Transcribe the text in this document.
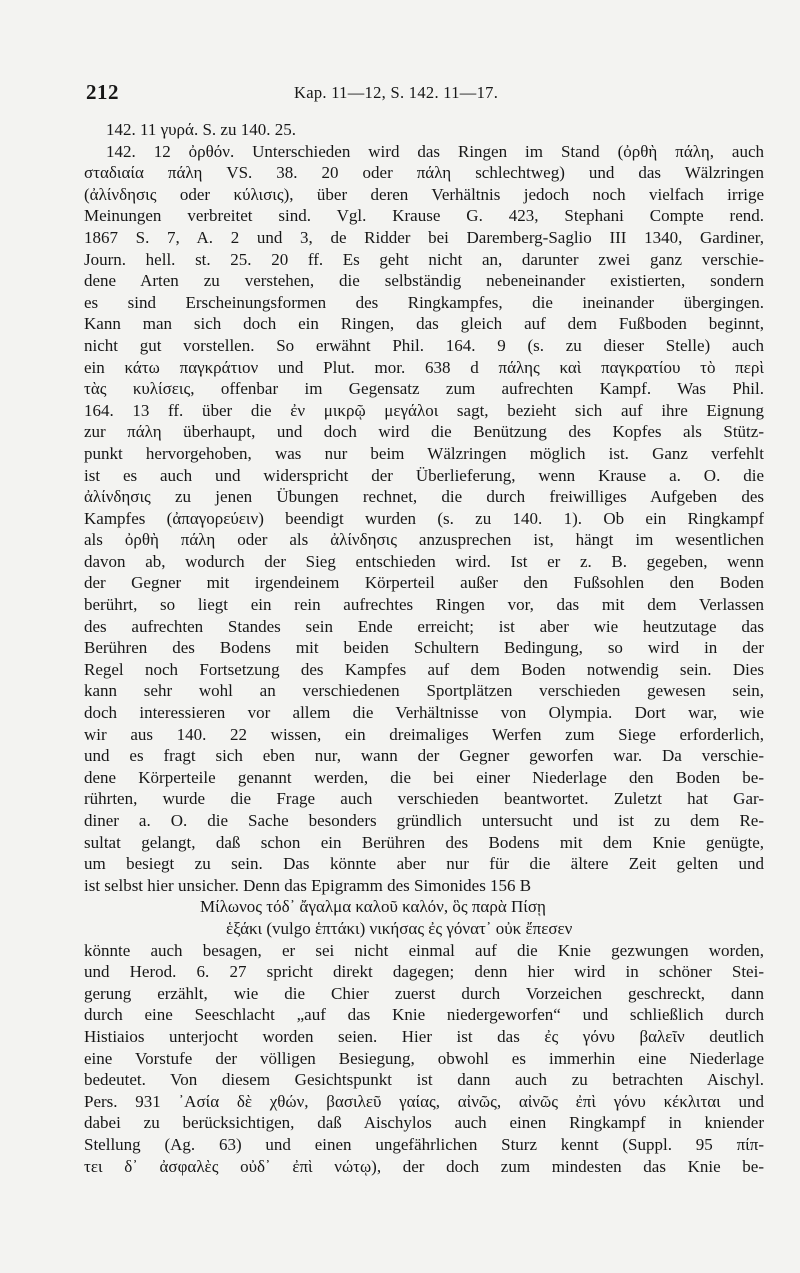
212	Kap. 11—12, S. 142. 11—17.
142. 11 γυρά. S. zu 140. 25.
142. 12 ὀρθόν. Unterschieden wird das Ringen im Stand (ὀρθὴ πάλη, auch
σταδιαία πάλη VS. 38. 20 oder πάλη schlechtweg) und das Wälzringen
(ἀλίνδησις oder κύλισις), über deren Verhältnis jedoch noch vielfach irrige
Meinungen verbreitet sind. Vgl. Krause G. 423, Stephani Compte rend.
1867 S. 7, A. 2 und 3, de Ridder bei Daremberg-Saglio III 1340, Gardiner,
Journ. hell. st. 25. 20 ff. Es geht nicht an, darunter zwei ganz verschie-
dene Arten zu verstehen, die selbständig nebeneinander existierten, sondern
es sind Erscheinungsformen des Ringkampfes, die ineinander übergingen.
Kann man sich doch ein Ringen, das gleich auf dem Fußboden beginnt,
nicht gut vorstellen. So erwähnt Phil. 164. 9 (s. zu dieser Stelle) auch
ein κάτω παγκράτιον und Plut. mor. 638 d πάλης καὶ παγκρατίου τὸ περὶ
τὰς κυλίσεις, offenbar im Gegensatz zum aufrechten Kampf. Was Phil.
164. 13 ff. über die ἐν μικρῷ μεγάλοι sagt, bezieht sich auf ihre Eignung
zur πάλη überhaupt, und doch wird die Benützung des Kopfes als Stütz-
punkt hervorgehoben, was nur beim Wälzringen möglich ist. Ganz verfehlt
ist es auch und widerspricht der Überlieferung, wenn Krause a. O. die
ἀλίνδησις zu jenen Übungen rechnet, die durch freiwilliges Aufgeben des
Kampfes (ἀπαγορεύειν) beendigt wurden (s. zu 140. 1). Ob ein Ringkampf
als ὀρθὴ πάλη oder als ἀλίνδησις anzusprechen ist, hängt im wesentlichen
davon ab, wodurch der Sieg entschieden wird. Ist er z. B. gegeben, wenn
der Gegner mit irgendeinem Körperteil außer den Fußsohlen den Boden
berührt, so liegt ein rein aufrechtes Ringen vor, das mit dem Verlassen
des aufrechten Standes sein Ende erreicht; ist aber wie heutzutage das
Berühren des Bodens mit beiden Schultern Bedingung, so wird in der
Regel noch Fortsetzung des Kampfes auf dem Boden notwendig sein. Dies
kann sehr wohl an verschiedenen Sportplätzen verschieden gewesen sein,
doch interessieren vor allem die Verhältnisse von Olympia. Dort war, wie
wir aus 140. 22 wissen, ein dreimaliges Werfen zum Siege erforderlich,
und es fragt sich eben nur, wann der Gegner geworfen war. Da verschie-
dene Körperteile genannt werden, die bei einer Niederlage den Boden be-
rührten, wurde die Frage auch verschieden beantwortet. Zuletzt hat Gar-
diner a. O. die Sache besonders gründlich untersucht und ist zu dem Re-
sultat gelangt, daß schon ein Berühren des Bodens mit dem Knie genügte,
um besiegt zu sein. Das könnte aber nur für die ältere Zeit gelten und
ist selbst hier unsicher. Denn das Epigramm des Simonides 156 B
Μίλωνος τόδ᾽ ἄγαλμα καλοῦ καλόν, ὃς παρὰ Πίσῃ
ἑξάκι (vulgo ἑπτάκι) νικήσας ἐς γόνατ᾽ οὐκ ἔπεσεν
könnte auch besagen, er sei nicht einmal auf die Knie gezwungen worden,
und Herod. 6. 27 spricht direkt dagegen; denn hier wird in schöner Stei-
gerung erzählt, wie die Chier zuerst durch Vorzeichen geschreckt, dann
durch eine Seeschlacht „auf das Knie niedergeworfen“ und schließlich durch
Histiaios unterjocht worden seien. Hier ist das ἐς γόνυ βαλεῖν deutlich
eine Vorstufe der völligen Besiegung, obwohl es immerhin eine Niederlage
bedeutet. Von diesem Gesichtspunkt ist dann auch zu betrachten Aischyl.
Pers. 931 ᾽Ασία δὲ χθών, βασιλεῦ γαίας, αἰνῶς, αἰνῶς ἐπὶ γόνυ κέκλιται und
dabei zu berücksichtigen, daß Aischylos auch einen Ringkampf in kniender
Stellung (Ag. 63) und einen ungefährlichen Sturz kennt (Suppl. 95 πίπ-
τει δ᾽ ἀσφαλὲς οὐδ᾽ ἐπὶ νώτῳ), der doch zum mindesten das Knie be-
